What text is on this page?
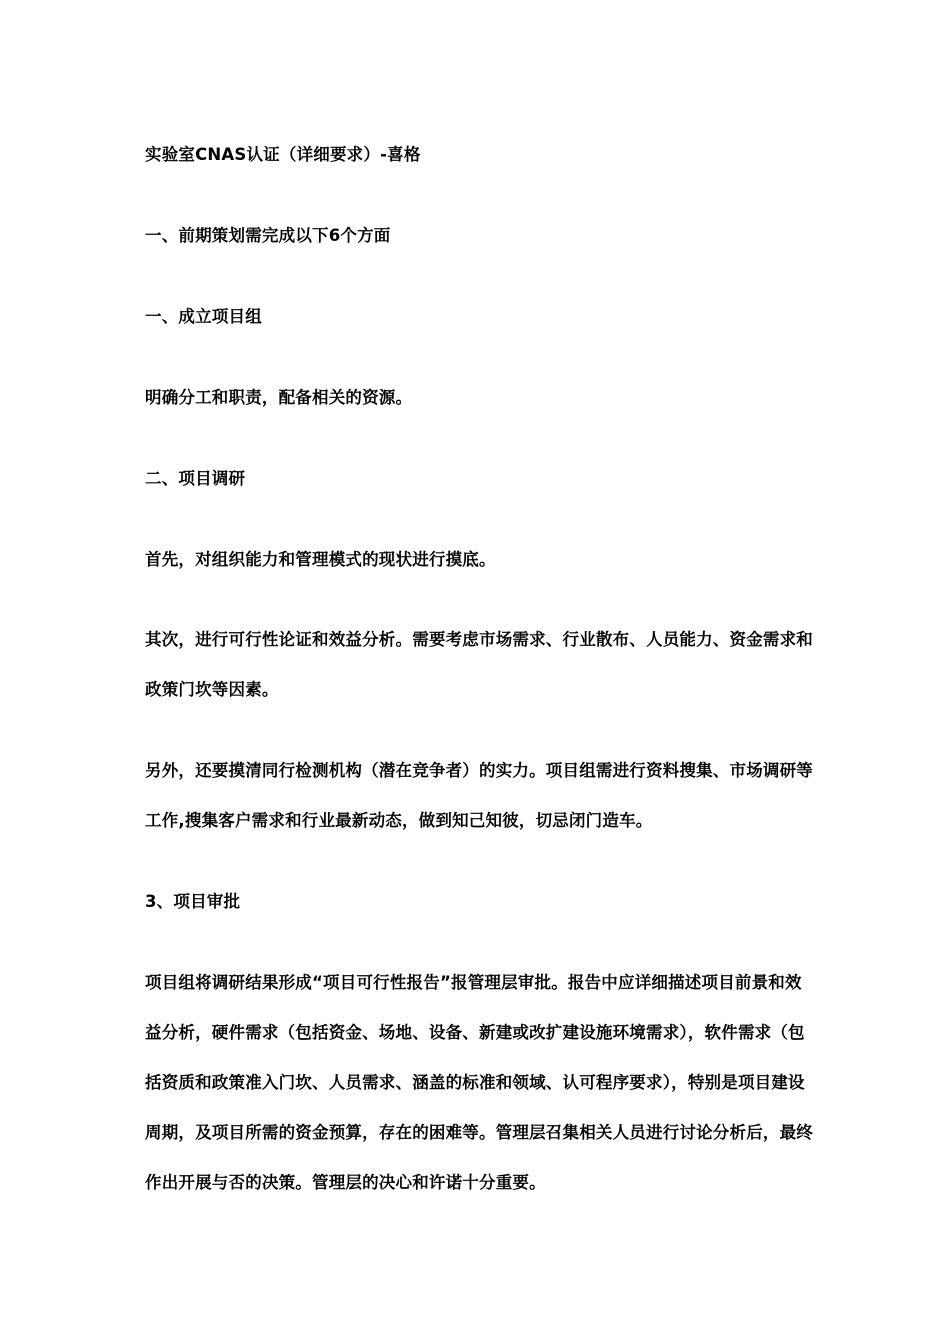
实验室CNAS认证（详细要求）-喜格
一、前期策划需完成以下6个方面
一、成立项目组
明确分工和职责，配备相关的资源。
二、项目调研
首先，对组织能力和管理模式的现状进行摸底。
其次，进行可行性论证和效益分析。需要考虑市场需求、行业散布、人员能力、资金需求和
政策门坎等因素。
另外，还要摸清同行检测机构（潜在竞争者）的实力。项目组需进行资料搜集、市场调研等
工作,搜集客户需求和行业最新动态，做到知己知彼，切忌闭门造车。
3、项目审批
项目组将调研结果形成“项目可行性报告”报管理层审批。报告中应详细描述项目前景和效
益分析，硬件需求（包括资金、场地、设备、新建或改扩建设施环境需求），软件需求（包
括资质和政策准入门坎、人员需求、涵盖的标准和领域、认可程序要求），特别是项目建设
周期，及项目所需的资金预算，存在的困难等。管理层召集相关人员进行讨论分析后，最终
作出开展与否的决策。管理层的决心和许诺十分重要。
